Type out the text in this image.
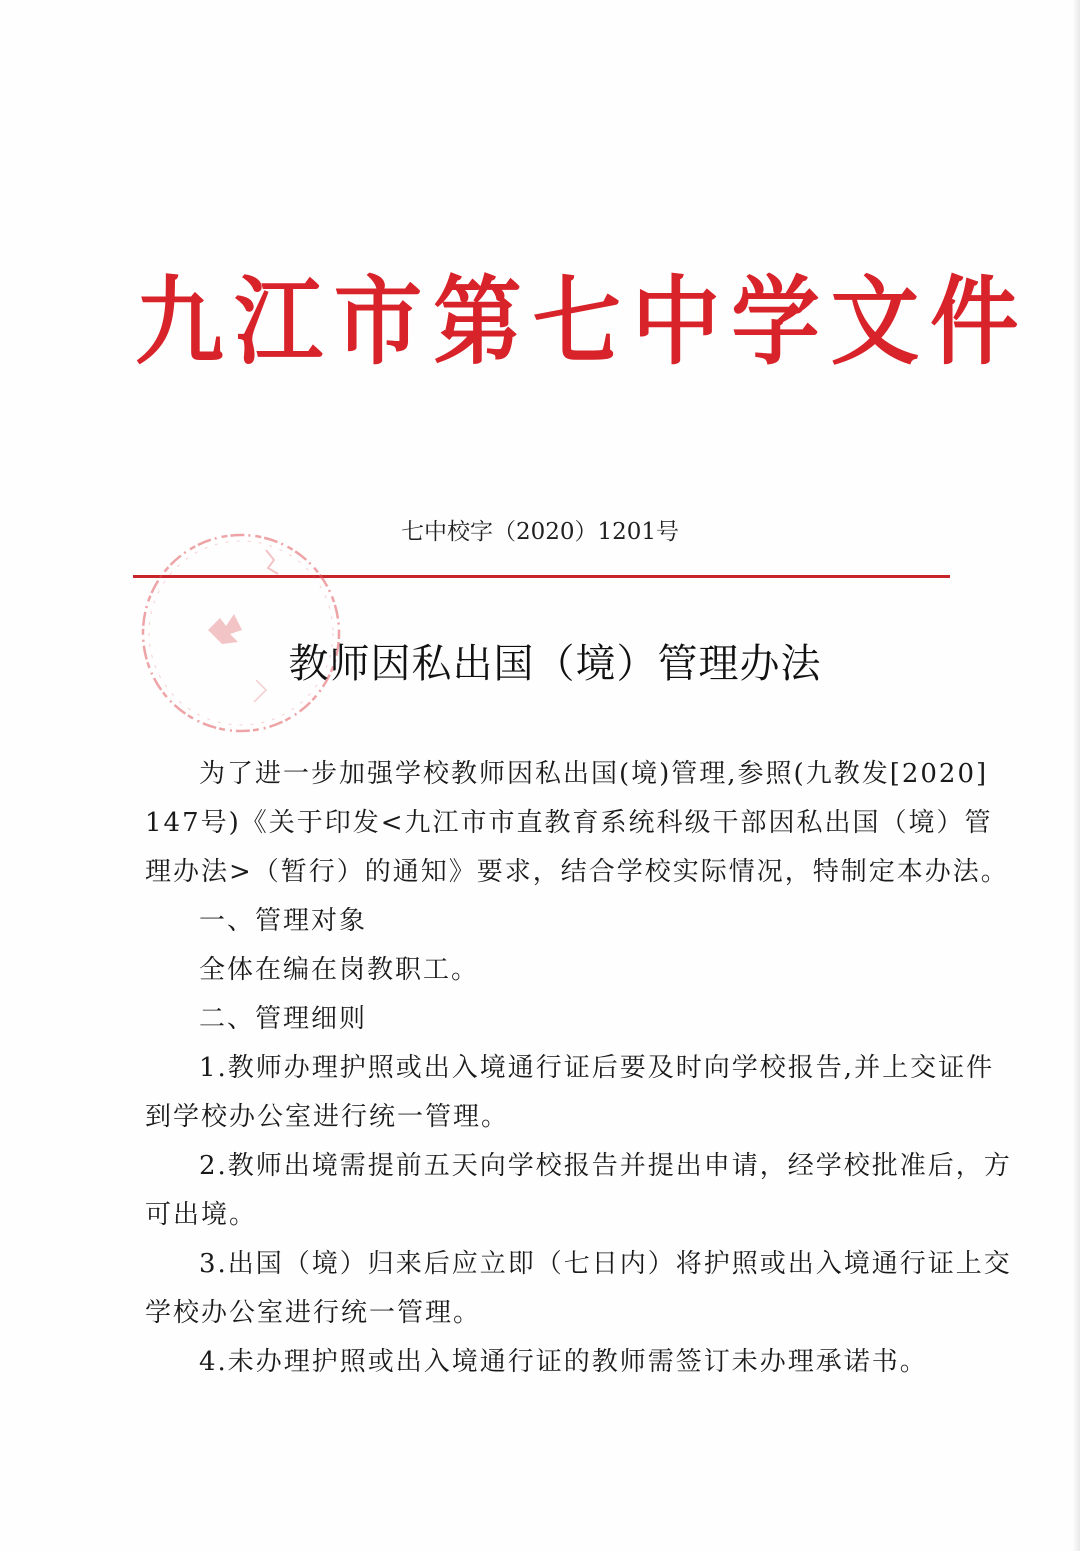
九江市第七中学文件
七中校字（2020）1201号
教师因私出国（境）管理办法
为了进一步加强学校教师因私出国(境)管理,参照(九教发[2020]
147号)《关于印发<九江市市直教育系统科级干部因私出国（境）管
理办法>（暂行）的通知》要求，结合学校实际情况，特制定本办法。
一、管理对象
全体在编在岗教职工。
二、管理细则
1.教师办理护照或出入境通行证后要及时向学校报告,并上交证件
到学校办公室进行统一管理。
2.教师出境需提前五天向学校报告并提出申请，经学校批准后，方
可出境。
3.出国（境）归来后应立即（七日内）将护照或出入境通行证上交
学校办公室进行统一管理。
4.未办理护照或出入境通行证的教师需签订未办理承诺书。
